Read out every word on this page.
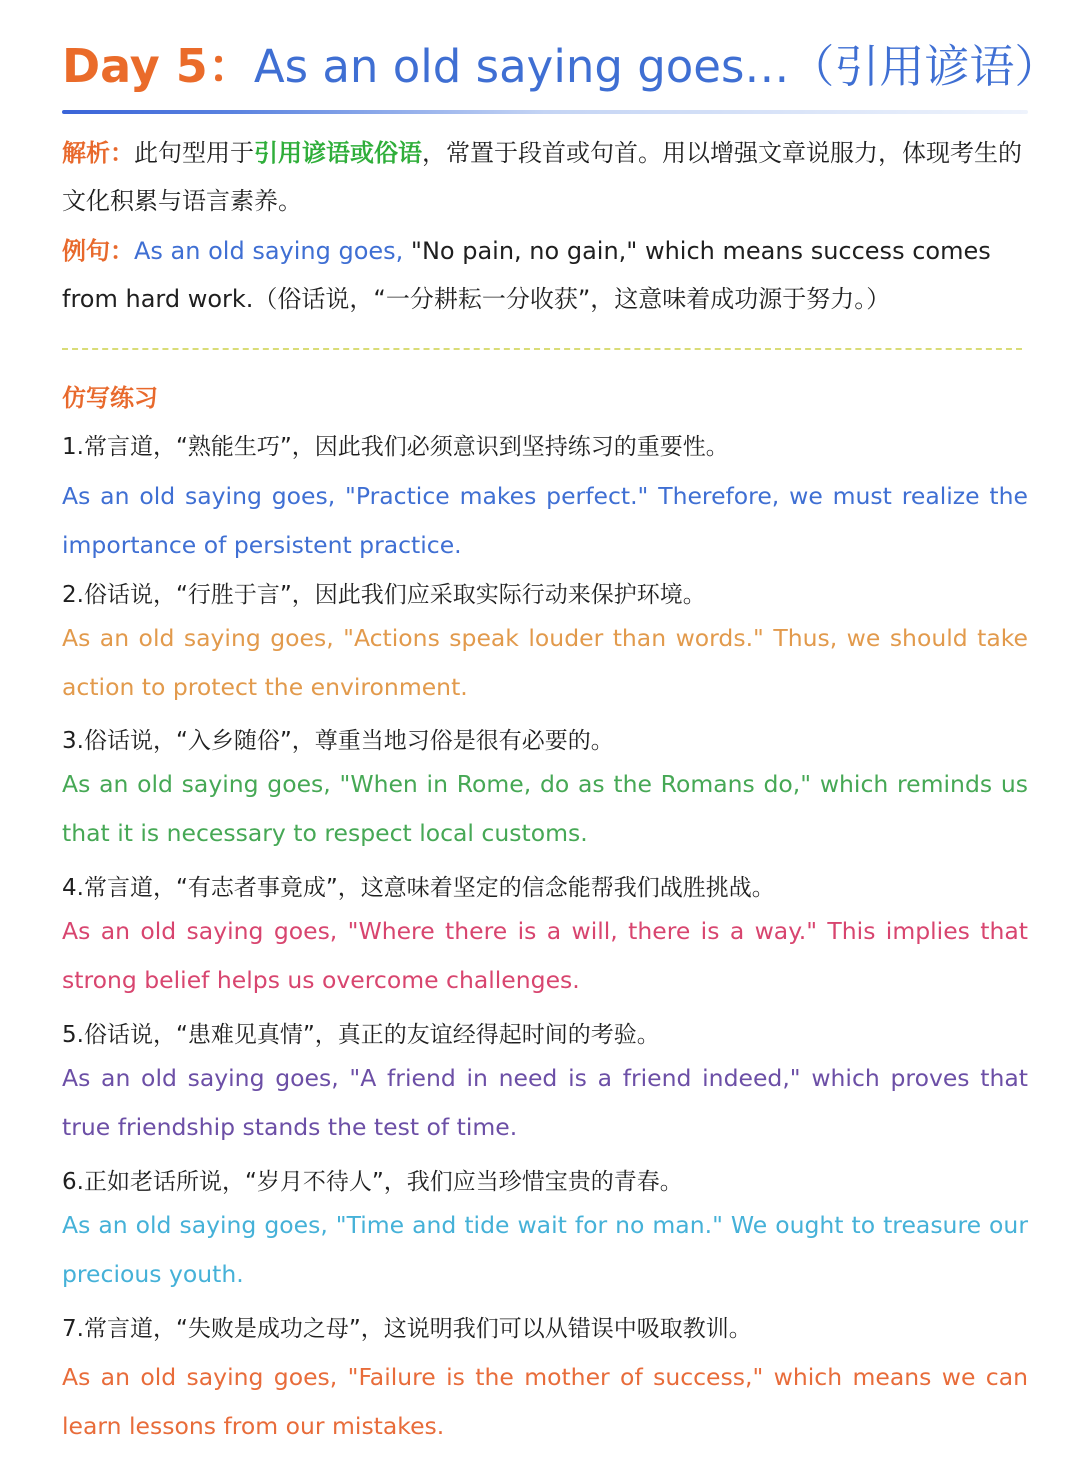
Day 5：As an old saying goes…（引用谚语）
解析：此句型用于引用谚语或俗语，常置于段首或句首。用以增强文章说服力，体现考生的文化积累与语言素养。
例句：As an old saying goes, "No pain, no gain," which means success comes from hard work.（俗话说，“一分耕耘一分收获”，这意味着成功源于努力。）
仿写练习
1.常言道，“熟能生巧”，因此我们必须意识到坚持练习的重要性。
As an old saying goes, "Practice makes perfect." Therefore, we must realize the importance of persistent practice.
2.俗话说，“行胜于言”，因此我们应采取实际行动来保护环境。
As an old saying goes, "Actions speak louder than words." Thus, we should take action to protect the environment.
3.俗话说，“入乡随俗”，尊重当地习俗是很有必要的。
As an old saying goes, "When in Rome, do as the Romans do," which reminds us that it is necessary to respect local customs.
4.常言道，“有志者事竟成”，这意味着坚定的信念能帮我们战胜挑战。
As an old saying goes, "Where there is a will, there is a way." This implies that strong belief helps us overcome challenges.
5.俗话说，“患难见真情”，真正的友谊经得起时间的考验。
As an old saying goes, "A friend in need is a friend indeed," which proves that true friendship stands the test of time.
6.正如老话所说，“岁月不待人”，我们应当珍惜宝贵的青春。
As an old saying goes, "Time and tide wait for no man." We ought to treasure our precious youth.
7.常言道，“失败是成功之母”，这说明我们可以从错误中吸取教训。
As an old saying goes, "Failure is the mother of success," which means we can learn lessons from our mistakes.
